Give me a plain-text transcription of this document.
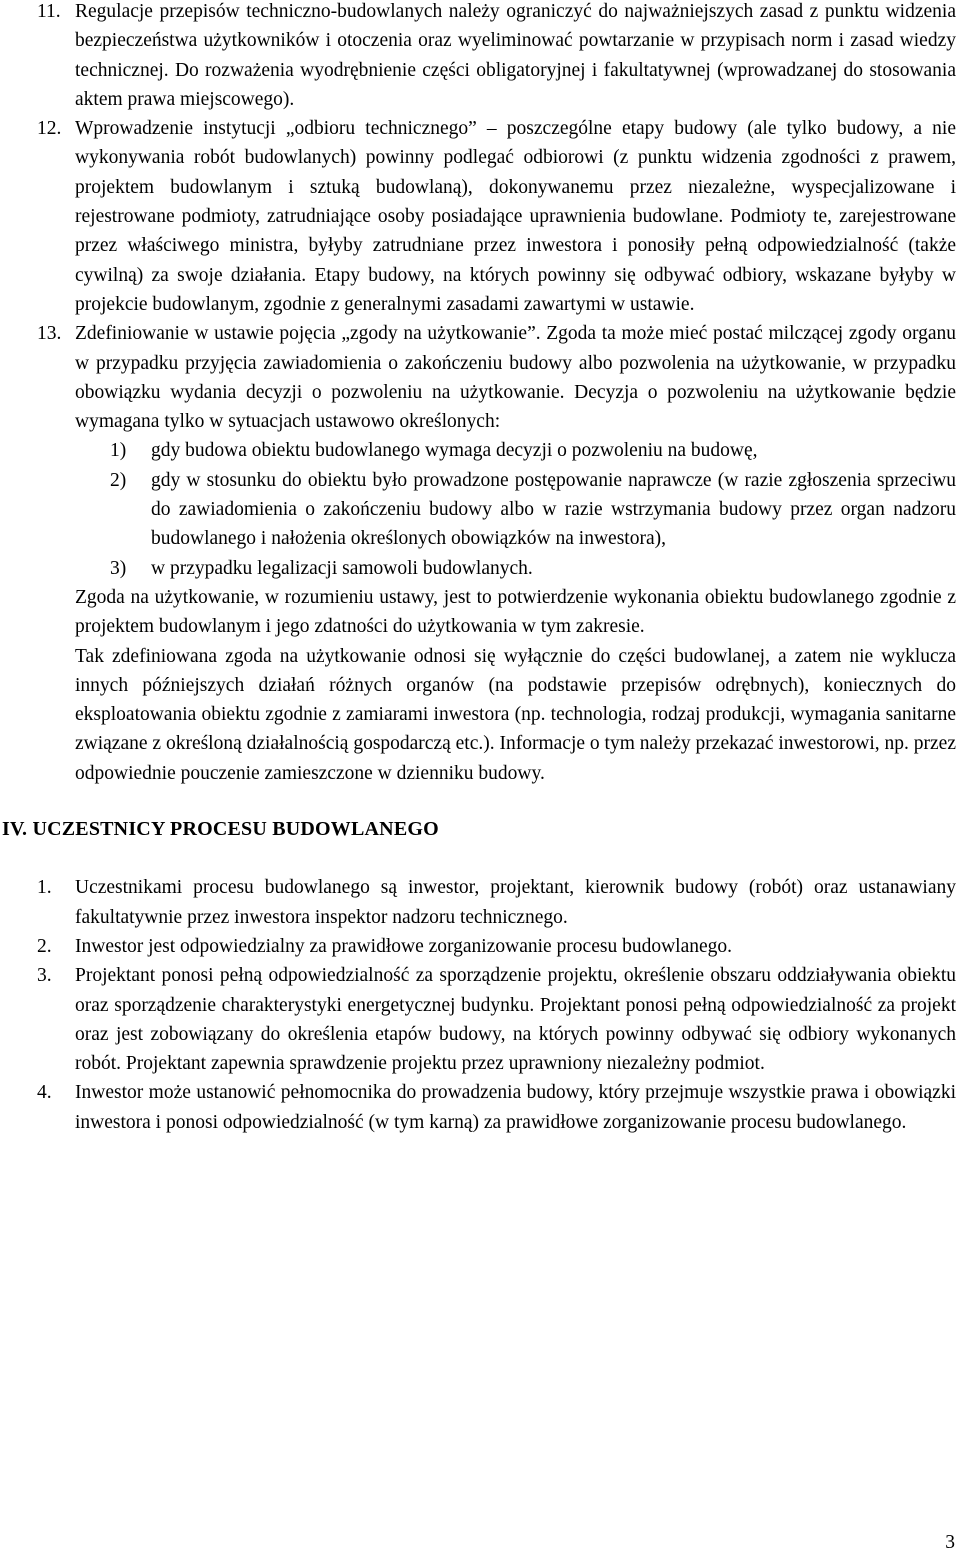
11. Regulacje przepisów techniczno-budowlanych należy ograniczyć do najważniejszych zasad z punktu widzenia bezpieczeństwa użytkowników i otoczenia oraz wyeliminować powtarzanie w przypisach norm i zasad wiedzy technicznej. Do rozważenia wyodrębnienie części obligatoryjnej i fakultatywnej (wprowadzanej do stosowania aktem prawa miejscowego).
12. Wprowadzenie instytucji „odbioru technicznego” – poszczególne etapy budowy (ale tylko budowy, a nie wykonywania robót budowlanych) powinny podlegać odbiorowi (z punktu widzenia zgodności z prawem, projektem budowlanym i sztuką budowlaną), dokonywanemu przez niezależne, wyspecjalizowane i rejestrowane podmioty, zatrudniające osoby posiadające uprawnienia budowlane. Podmioty te, zarejestrowane przez właściwego ministra, byłyby zatrudniane przez inwestora i ponosiły pełną odpowiedzialność (także cywilną) za swoje działania. Etapy budowy, na których powinny się odbywać odbiory, wskazane byłyby w projekcie budowlanym, zgodnie z generalnymi zasadami zawartymi w ustawie.
13. Zdefiniowanie w ustawie pojęcia „zgody na użytkowanie”. Zgoda ta może mieć postać milczącej zgody organu w przypadku przyjęcia zawiadomienia o zakończeniu budowy albo pozwolenia na użytkowanie, w przypadku obowiązku wydania decyzji o pozwoleniu na użytkowanie. Decyzja o pozwoleniu na użytkowanie będzie wymagana tylko w sytuacjach ustawowo określonych:
1) gdy budowa obiektu budowlanego wymaga decyzji o pozwoleniu na budowę,
2) gdy w stosunku do obiektu było prowadzone postępowanie naprawcze (w razie zgłoszenia sprzeciwu do zawiadomienia o zakończeniu budowy albo w razie wstrzymania budowy przez organ nadzoru budowlanego i nałożenia określonych obowiązków na inwestora),
3) w przypadku legalizacji samowoli budowlanych.
Zgoda na użytkowanie, w rozumieniu ustawy, jest to potwierdzenie wykonania obiektu budowlanego zgodnie z projektem budowlanym i jego zdatności do użytkowania w tym zakresie.
Tak zdefiniowana zgoda na użytkowanie odnosi się wyłącznie do części budowlanej, a zatem nie wyklucza innych późniejszych działań różnych organów (na podstawie przepisów odrębnych), koniecznych do eksploatowania obiektu zgodnie z zamiarami inwestora (np. technologia, rodzaj produkcji, wymagania sanitarne związane z określoną działalnością gospodarczą etc.). Informacje o tym należy przekazać inwestorowi, np. przez odpowiednie pouczenie zamieszczone w dzienniku budowy.
IV. UCZESTNICY PROCESU BUDOWLANEGO
1. Uczestnikami procesu budowlanego są inwestor, projektant, kierownik budowy (robót) oraz ustanawiany fakultatywnie przez inwestora inspektor nadzoru technicznego.
2. Inwestor jest odpowiedzialny za prawidłowe zorganizowanie procesu budowlanego.
3. Projektant ponosi pełną odpowiedzialność za sporządzenie projektu, określenie obszaru oddziaływania obiektu oraz sporządzenie charakterystyki energetycznej budynku. Projektant ponosi pełną odpowiedzialność za projekt oraz jest zobowiązany do określenia etapów budowy, na których powinny odbywać się odbiory wykonanych robót. Projektant zapewnia sprawdzenie projektu przez uprawniony niezależny podmiot.
4. Inwestor może ustanowić pełnomocnika do prowadzenia budowy, który przejmuje wszystkie prawa i obowiązki inwestora i ponosi odpowiedzialność (w tym karną) za prawidłowe zorganizowanie procesu budowlanego.
3
